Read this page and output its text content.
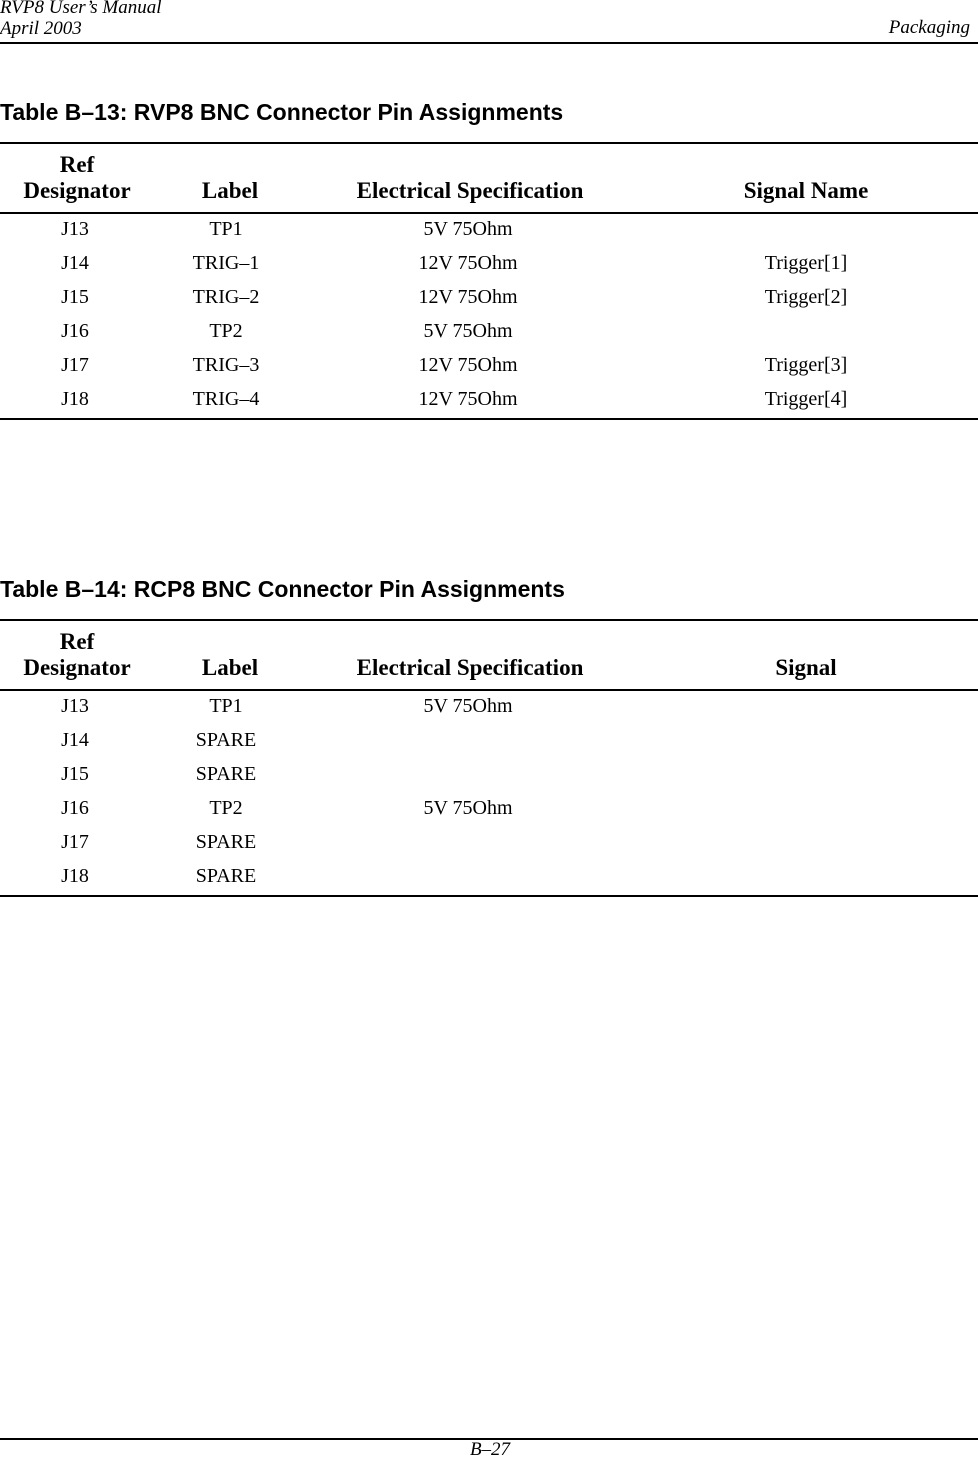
RVP8 User’s Manual
April 2003	Packaging
Table B–13: RVP8 BNC Connector Pin Assignments
Ref
Designator	Label	Electrical Specification	Signal Name
J13	TP1	5V 75Ohm
J14	TRIG–1	12V 75Ohm	Trigger[1]
J15	TRIG–2	12V 75Ohm	Trigger[2]
J16	TP2	5V 75Ohm
J17	TRIG–3	12V 75Ohm	Trigger[3]
J18	TRIG–4	12V 75Ohm	Trigger[4]
Table B–14: RCP8 BNC Connector Pin Assignments
Ref
Designator	Label	Electrical Specification	Signal
J13	TP1	5V 75Ohm
J14	SPARE
J15	SPARE
J16	TP2	5V 75Ohm
J17	SPARE
J18	SPARE
B–27
